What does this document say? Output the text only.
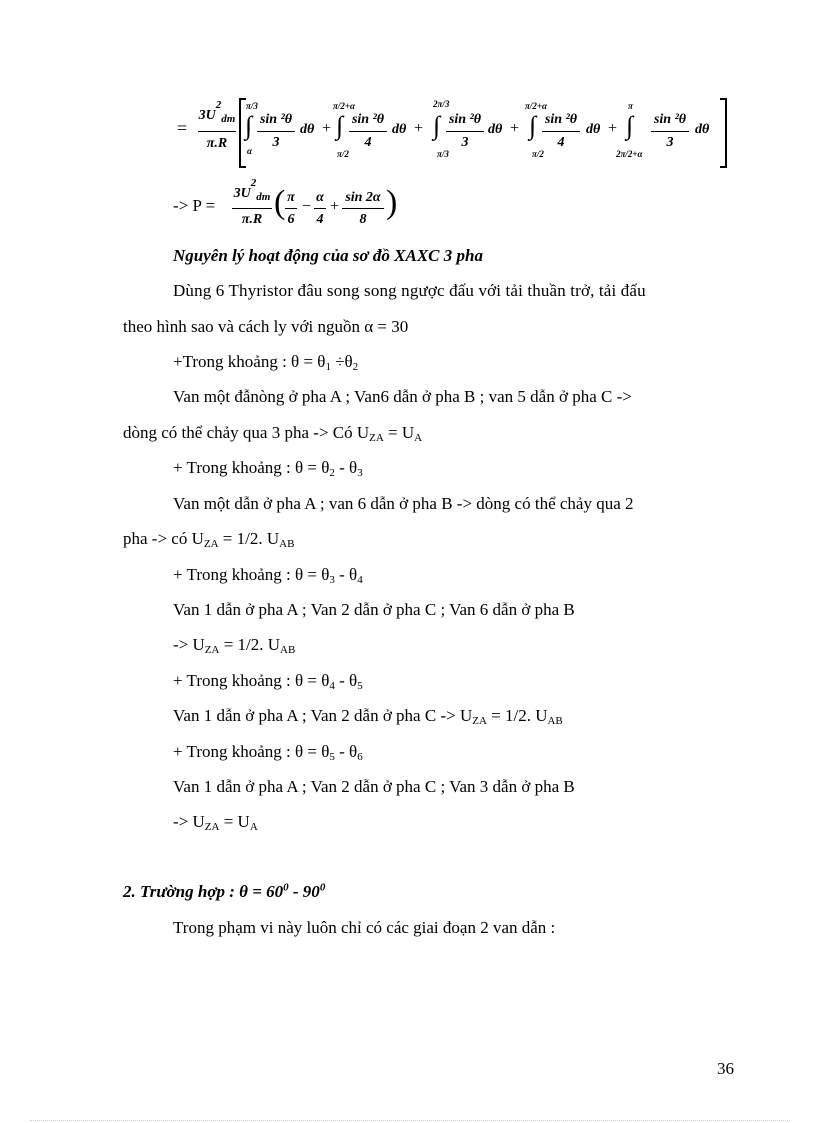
=
$3U^2_{dm}$
π.R
π/3
∫
α
sin ²θ
3
dθ +
π/2+α
∫
π/2
sin ²θ
4
dθ +
2π/3
∫
π/3
sin ²θ
3
dθ +
π/2+α
∫
π/2
sin ²θ
4
dθ +
π
∫
2π/2+α
sin ²θ
3
dθ
-> P =
$3U^2_{dm}$
π.R ( π
6
−
α
4
+
sin 2α
8 )
Nguyên lý hoạt động của sơ đồ XAXC 3 pha
Dùng 6 Thyristor đâu song song ngược đấu với tải thuần trở, tải đấu
theo hình sao và cách ly với nguồn α = 30
+Trong khoảng : $\theta = \theta_1 \div\theta_2$
Van một đẫnòng ở pha A ; Van6 dẫn ở pha B ; van 5 dẫn ở pha C ->
dòng có thể chảy qua 3 pha -> Có $U_{ZA} = U_A$
+ Trong khoảng : $\theta = \theta_2 - \theta_3$
Van một dẫn ở pha A ; van 6 dẫn ở pha B -> dòng có thể chảy qua 2
pha -> có $U_{ZA} = 1/2$. $U_{AB}$
+ Trong khoảng : $\theta = \theta_3 - \theta_4$
Van 1 dẫn ở pha A ; Van 2 dẫn ở pha C ; Van 6 dẫn ở pha B
-> $U_{ZA} = 1/2$. $U_{AB}$
+ Trong khoảng : $\theta = \theta_4 - \theta_5$
Van 1 dẫn ở pha A ; Van 2 dẫn ở pha $C -> U_{ZA} = 1/2$. $U_{AB}$
+ Trong khoảng : $\theta = \theta_5 - \theta_6$
Van 1 dẫn ở pha A ; Van 2 dẫn ở pha C ; Van 3 dẫn ở pha B
-> $U_{ZA} = U_A$
2. Trường hợp : $\theta = 60^0 - 90^0$
Trong phạm vi này luôn chỉ có các giai đoạn 2 van dẫn :
36
